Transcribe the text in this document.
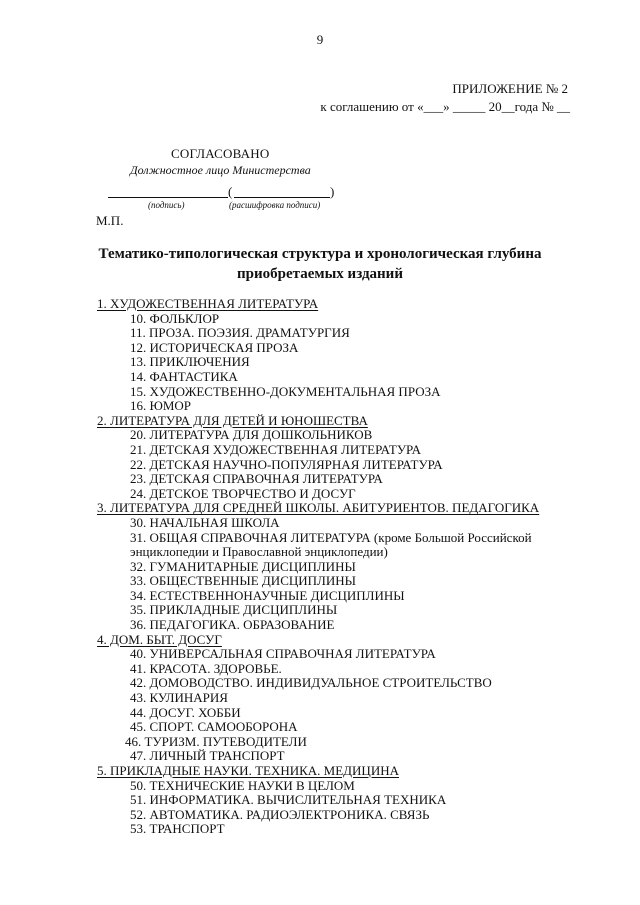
9
ПРИЛОЖЕНИЕ № 2
к соглашению от «___» _____ 20__года № __
СОГЛАСОВАНО
Должностное лицо Министерства
(	)
(подпись)	(расшифровка подписи)
М.П.
Тематико-типологическая структура и хронологическая глубина
приобретаемых изданий
1. ХУДОЖЕСТВЕННАЯ ЛИТЕРАТУРА
10. ФОЛЬКЛОР
11. ПРОЗА. ПОЭЗИЯ. ДРАМАТУРГИЯ
12. ИСТОРИЧЕСКАЯ ПРОЗА
13. ПРИКЛЮЧЕНИЯ
14. ФАНТАСТИКА
15. ХУДОЖЕСТВЕННО-ДОКУМЕНТАЛЬНАЯ ПРОЗА
16. ЮМОР
2. ЛИТЕРАТУРА ДЛЯ ДЕТЕЙ И ЮНОШЕСТВА
20. ЛИТЕРАТУРА ДЛЯ ДОШКОЛЬНИКОВ
21. ДЕТСКАЯ ХУДОЖЕСТВЕННАЯ ЛИТЕРАТУРА
22. ДЕТСКАЯ НАУЧНО-ПОПУЛЯРНАЯ ЛИТЕРАТУРА
23. ДЕТСКАЯ СПРАВОЧНАЯ ЛИТЕРАТУРА
24. ДЕТСКОЕ ТВОРЧЕСТВО И ДОСУГ
3. ЛИТЕРАТУРА ДЛЯ СРЕДНЕЙ ШКОЛЫ. АБИТУРИЕНТОВ. ПЕДАГОГИКА
30. НАЧАЛЬНАЯ ШКОЛА
31. ОБЩАЯ СПРАВОЧНАЯ ЛИТЕРАТУРА (кроме Большой Российской
энциклопедии и Православной энциклопедии)
32. ГУМАНИТАРНЫЕ ДИСЦИПЛИНЫ
33. ОБЩЕСТВЕННЫЕ ДИСЦИПЛИНЫ
34. ЕСТЕСТВЕННОНАУЧНЫЕ ДИСЦИПЛИНЫ
35. ПРИКЛАДНЫЕ ДИСЦИПЛИНЫ
36. ПЕДАГОГИКА. ОБРАЗОВАНИЕ
4. ДОМ. БЫТ. ДОСУГ
40. УНИВЕРСАЛЬНАЯ СПРАВОЧНАЯ ЛИТЕРАТУРА
41. КРАСОТА. ЗДОРОВЬЕ.
42. ДОМОВОДСТВО. ИНДИВИДУАЛЬНОЕ СТРОИТЕЛЬСТВО
43. КУЛИНАРИЯ
44. ДОСУГ. ХОББИ
45. СПОРТ. САМООБОРОНА
46. ТУРИЗМ. ПУТЕВОДИТЕЛИ
47. ЛИЧНЫЙ ТРАНСПОРТ
5. ПРИКЛАДНЫЕ НАУКИ. ТЕХНИКА. МЕДИЦИНА
50. ТЕХНИЧЕСКИЕ НАУКИ В ЦЕЛОМ
51. ИНФОРМАТИКА. ВЫЧИСЛИТЕЛЬНАЯ ТЕХНИКА
52. АВТОМАТИКА. РАДИОЭЛЕКТРОНИКА. СВЯЗЬ
53. ТРАНСПОРТ
